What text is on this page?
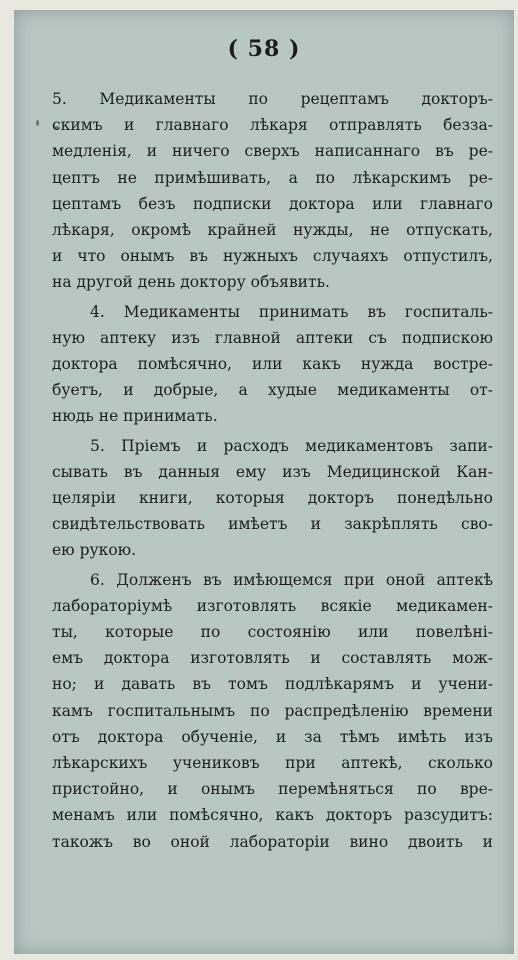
( 58 )
5. Медикаменты по рецептамъ докторъ-
скимъ и главнаго лѣкаря отправлять безза-
медленія, и ничего сверхъ написаннаго въ ре-
цептъ не примѣшивать, а по лѣкарскимъ ре-
цептамъ безъ подписки доктора или главнаго
лѣкаря, окромѣ крайней нужды, не отпускать,
и что онымъ въ нужныхъ случаяхъ отпустилъ,
на другой день доктору объявить.
4. Медикаменты принимать въ госпиталь-
ную аптеку изъ главной аптеки съ подпискою
доктора помѣсячно, или какъ нужда востре-
буетъ, и добрые, а худые медикаменты от-
нюдь не принимать.
5. Пріемъ и расходъ медикаментовъ запи-
сывать въ данныя ему изъ Медицинской Кан-
целяріи книги, которыя докторъ понедѣльно
свидѣтельствовать имѣетъ и закрѣплять сво-
ею рукою.
6. Долженъ въ имѣющемся при оной аптекѣ
лабораторіумѣ изготовлять всякіе медикамен-
ты, которые по состоянію или повелѣні-
емъ доктора изготовлять и составлять мож-
но; и давать въ томъ подлѣкарямъ и учени-
камъ госпитальнымъ по распредѣленію времени
отъ доктора обученіе, и за тѣмъ имѣть изъ
лѣкарскихъ учениковъ при аптекѣ, сколько
пристойно, и онымъ перемѣняться по вре-
менамъ или помѣсячно, какъ докторъ разсудитъ:
такожъ во оной лабораторіи вино двоить и
